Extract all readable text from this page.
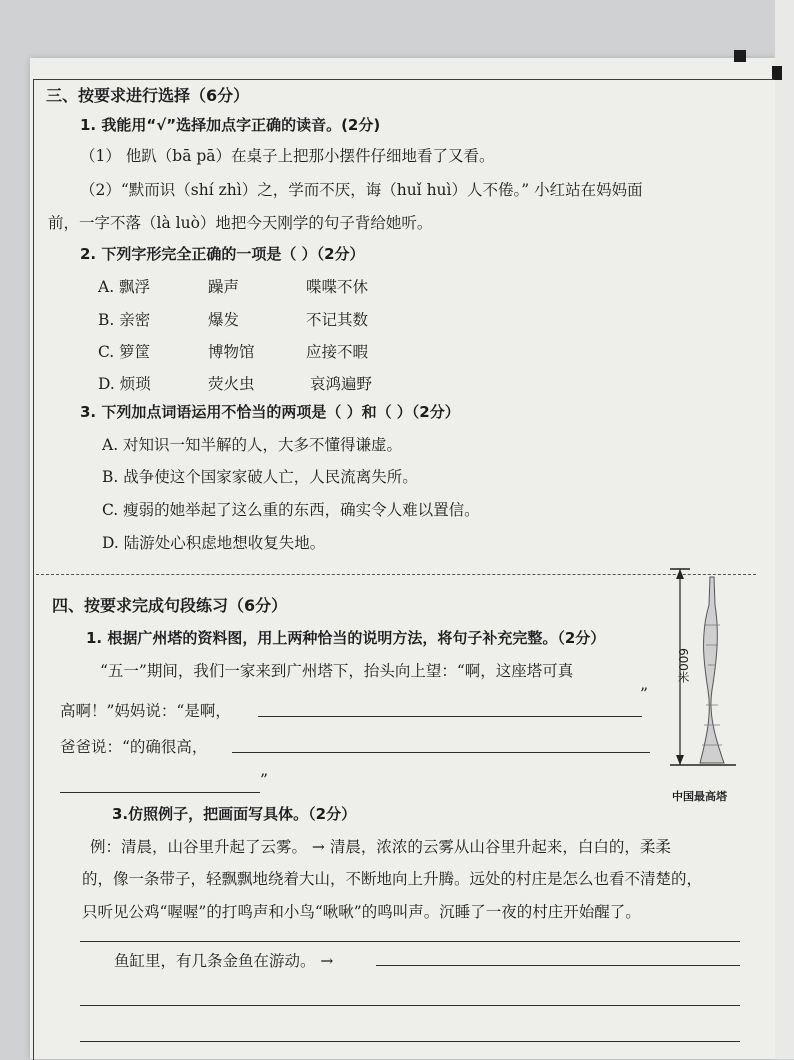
三、按要求进行选择（6分）
1. 我能用“√”选择加点字正确的读音。(2分)
（1） 他趴（bā pā）在桌子上把那小摆件仔细地看了又看。
（2）“默而识（shí zhì）之，学而不厌，诲（huǐ huì）人不倦。” 小红站在妈妈面
前，一字不落（là luò）地把今天刚学的句子背给她听。
2. 下列字形完全正确的一项是（ ）（2分）
A. 飘浮	躁声	喋喋不休
B. 亲密	爆发	不记其数
C. 箩筐	博物馆	应接不暇
D. 烦琐	荧火虫	哀鸿遍野
3. 下列加点词语运用不恰当的两项是（ ）和（ ）（2分）
A. 对知识一知半解的人，大多不懂得谦虚。
B. 战争使这个国家家破人亡，人民流离失所。
C. 瘦弱的她举起了这么重的东西，确实令人难以置信。
D. 陆游处心积虑地想收复失地。
四、按要求完成句段练习（6分）
1. 根据广州塔的资料图，用上两种恰当的说明方法，将句子补充完整。（2分）
“五一”期间，我们一家来到广州塔下，抬头向上望：“啊，这座塔可真
高啊！”妈妈说：“是啊，
”
爸爸说：“的确很高，
”
600米
中国最高塔
3.仿照例子，把画面写具体。（2分）
例：清晨，山谷里升起了云雾。 → 清晨，浓浓的云雾从山谷里升起来，白白的，柔柔
的，像一条带子，轻飘飘地绕着大山，不断地向上升腾。远处的村庄是怎么也看不清楚的，
只听见公鸡“喔喔”的打鸣声和小鸟“啾啾”的鸣叫声。沉睡了一夜的村庄开始醒了。
鱼缸里，有几条金鱼在游动。 →
